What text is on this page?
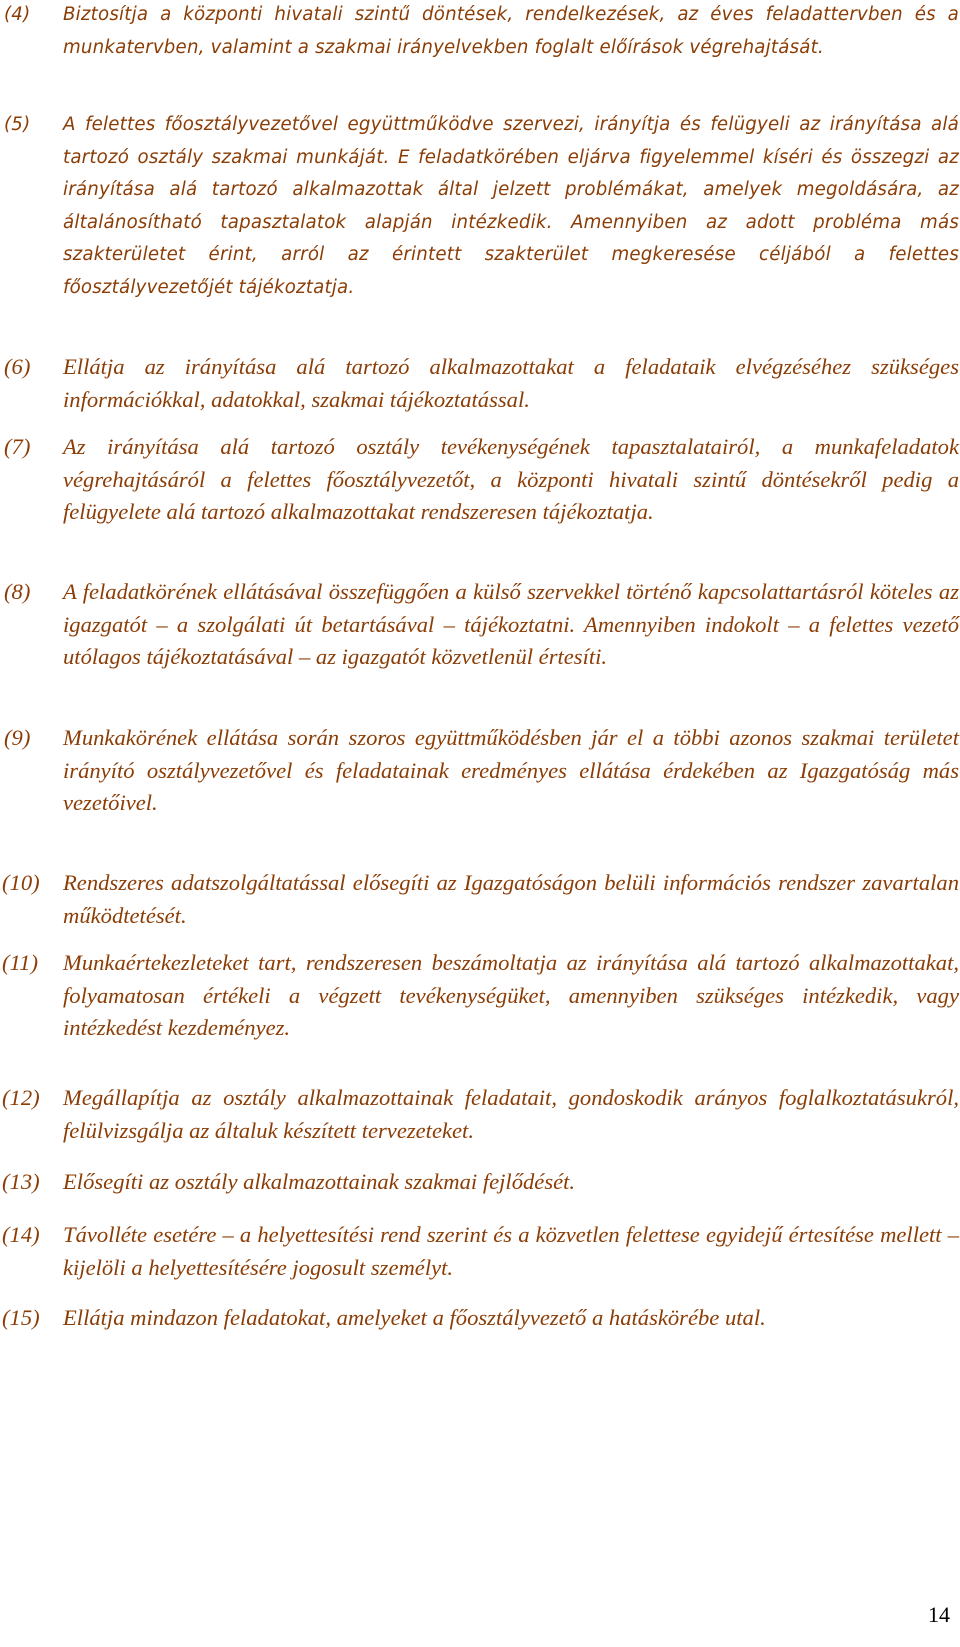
(4) Biztosítja a központi hivatali szintű döntések, rendelkezések, az éves feladattervben és a munkatervben, valamint a szakmai irányelvekben foglalt előírások végrehajtását.
(5) A felettes főosztályvezetővel együttműködve szervezi, irányítja és felügyeli az irányítása alá tartozó osztály szakmai munkáját. E feladatkörében eljárva figyelemmel kíséri és összegzi az irányítása alá tartozó alkalmazottak által jelzett problémákat, amelyek megoldására, az általánosítható tapasztalatok alapján intézkedik. Amennyiben az adott probléma más szakterületet érint, arról az érintett szakterület megkeresése céljából a felettes főosztályvezetőjét tájékoztatja.
(6) Ellátja az irányítása alá tartozó alkalmazottakat a feladataik elvégzéséhez szükséges információkkal, adatokkal, szakmai tájékoztatással.
(7) Az irányítása alá tartozó osztály tevékenységének tapasztalatairól, a munkafeladatok végrehajtásáról a felettes főosztályvezetőt, a központi hivatali szintű döntésekről pedig a felügyelete alá tartozó alkalmazottakat rendszeresen tájékoztatja.
(8) A feladatkörének ellátásával összefüggően a külső szervekkel történő kapcsolattartásról köteles az igazgatót – a szolgálati út betartásával – tájékoztatni. Amennyiben indokolt – a felettes vezető utólagos tájékoztatásával – az igazgatót közvetlenül értesíti.
(9) Munkakörének ellátása során szoros együttműködésben jár el a többi azonos szakmai területet irányító osztályvezetővel és feladatainak eredményes ellátása érdekében az Igazgatóság más vezetőivel.
(10) Rendszeres adatszolgáltatással elősegíti az Igazgatóságon belüli információs rendszer zavartalan működtetését.
(11) Munkaértekezleteket tart, rendszeresen beszámoltatja az irányítása alá tartozó alkalmazottakat, folyamatosan értékeli a végzett tevékenységüket, amennyiben szükséges intézkedik, vagy intézkedést kezdeményez.
(12) Megállapítja az osztály alkalmazottainak feladatait, gondoskodik arányos foglalkoztatásukról, felülvizsgálja az általuk készített tervezeteket.
(13) Elősegíti az osztály alkalmazottainak szakmai fejlődését.
(14) Távolléte esetére – a helyettesítési rend szerint és a közvetlen felettese egyidejű értesítése mellett – kijelöli a helyettesítésére jogosult személyt.
(15) Ellátja mindazon feladatokat, amelyeket a főosztályvezető a hatáskörébe utal.
14
